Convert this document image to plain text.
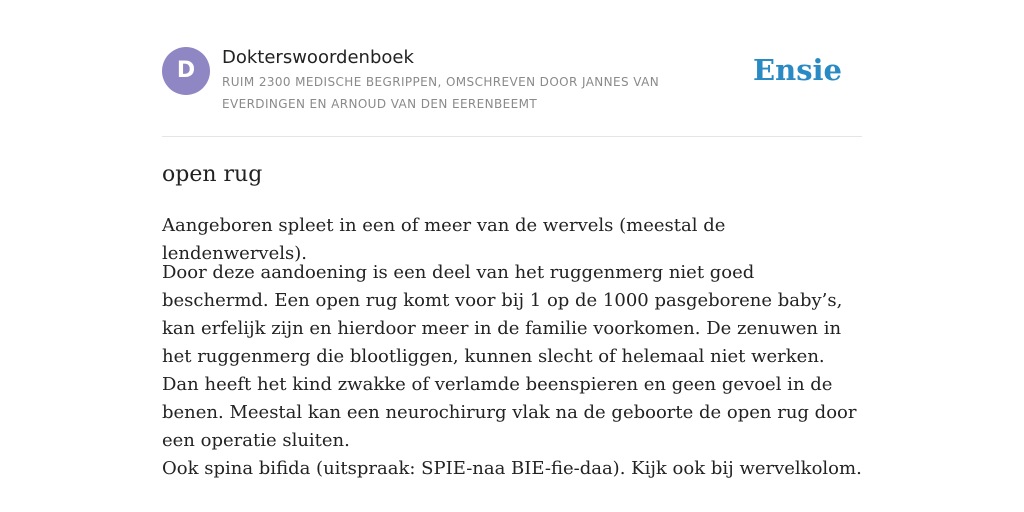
D
Dokterswoordenboek
RUIM 2300 MEDISCHE BEGRIPPEN, OMSCHREVEN DOOR JANNES VAN EVERDINGEN EN ARNOUD VAN DEN EERENBEEMT
Ensie
open rug

Aangeboren spleet in een of meer van de wervels (meestal de lendenwervels).

Door deze aandoening is een deel van het ruggenmerg niet goed beschermd. Een open rug komt voor bij 1 op de 1000 pasgeborene baby’s, kan erfelijk zijn en hierdoor meer in de familie voorkomen. De zenuwen in het ruggenmerg die blootliggen, kunnen slecht of helemaal niet werken. Dan heeft het kind zwakke of verlamde beenspieren en geen gevoel in de benen. Meestal kan een neurochirurg vlak na de geboorte de open rug door een operatie sluiten.

Ook spina bifida (uitspraak: SPIE-naa BIE-fie-daa). Kijk ook bij wervelkolom.
